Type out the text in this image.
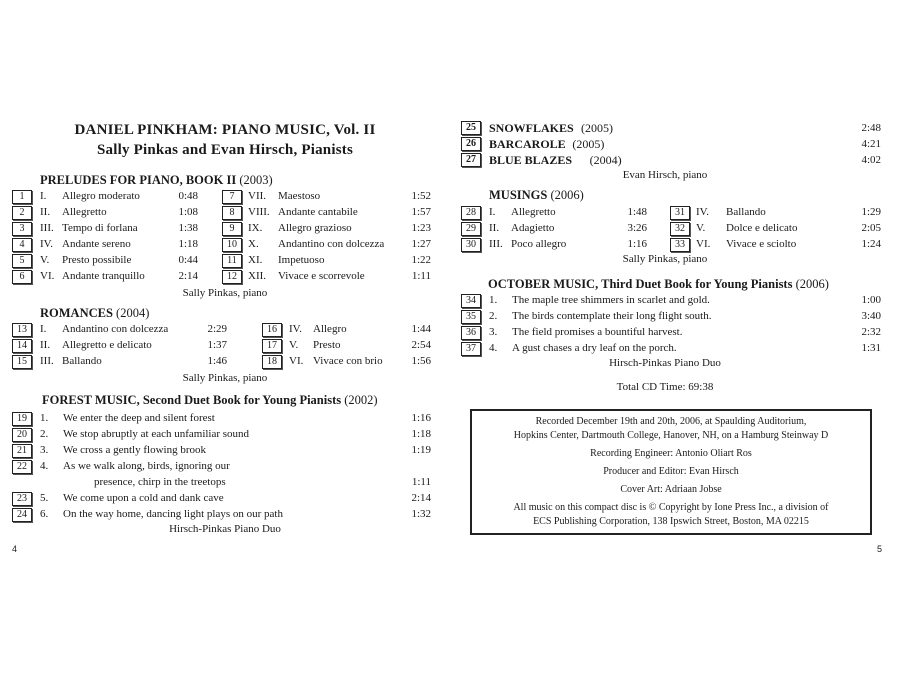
DANIEL PINKHAM: PIANO MUSIC, Vol. II
Sally Pinkas and Evan Hirsch, Pianists
PRELUDES FOR PIANO, BOOK II (2003)
1	I. Allegro moderato	0:48
2	II. Allegretto	1:08
3	III. Tempo di forlana	1:38
4	IV. Andante sereno	1:18
5	V. Presto possibile	0:44
6	VI. Andante tranquillo	2:14
7	VII. Maestoso	1:52
8	VIII. Andante cantabile	1:57
9	IX. Allegro grazioso	1:23
10	X. Andantino con dolcezza 1:27
11	XI. Impetuoso	1:22
12	XII. Vivace e scorrevole	1:11
Sally Pinkas, piano
ROMANCES (2004)
13	I. Andantino con dolcezza	2:29
14	II. Allegretto e delicato	1:37
15	III. Ballando	1:46
16	IV. Allegro	1:44
17	V. Presto	2:54
18	VI. Vivace con brio	1:56
Sally Pinkas, piano
FOREST MUSIC, Second Duet Book for Young Pianists (2002)
19	1. We enter the deep and silent forest	1:16
20	2. We stop abruptly at each unfamiliar sound	1:18
21	3. We cross a gently flowing brook	1:19
22	4. As we walk along, birds, ignoring our
presence, chirp in the treetops	1:11
23	5. We come upon a cold and dank cave	2:14
24	6. On the way home, dancing light plays on our path	1:32
Hirsch-Pinkas Piano Duo
4
25	SNOWFLAKES (2005)	2:48
26	BARCAROLE (2005)	4:21
27	BLUE BLAZES (2004)	4:02
Evan Hirsch, piano
MUSINGS (2006)
28	I. Allegretto	1:48
29	II. Adagietto	3:26
30	III. Poco allegro	1:16
31	IV. Ballando	1:29
32	V. Dolce e delicato	2:05
33	VI. Vivace e sciolto	1:24
Sally Pinkas, piano
OCTOBER MUSIC, Third Duet Book for Young Pianists (2006)
34	1. The maple tree shimmers in scarlet and gold.	1:00
35	2. The birds contemplate their long flight south.	3:40
36	3. The field promises a bountiful harvest.	2:32
37	4. A gust chases a dry leaf on the porch.	1:31
Hirsch-Pinkas Piano Duo
Total CD Time: 69:38
Recorded December 19th and 20th, 2006, at Spaulding Auditorium,
Hopkins Center, Dartmouth College, Hanover, NH, on a Hamburg Steinway D
Recording Engineer: Antonio Oliart Ros
Producer and Editor: Evan Hirsch
Cover Art: Adriaan Jobse
All music on this compact disc is © Copyright by Ione Press Inc., a division of
ECS Publishing Corporation, 138 Ipswich Street, Boston, MA 02215
5
